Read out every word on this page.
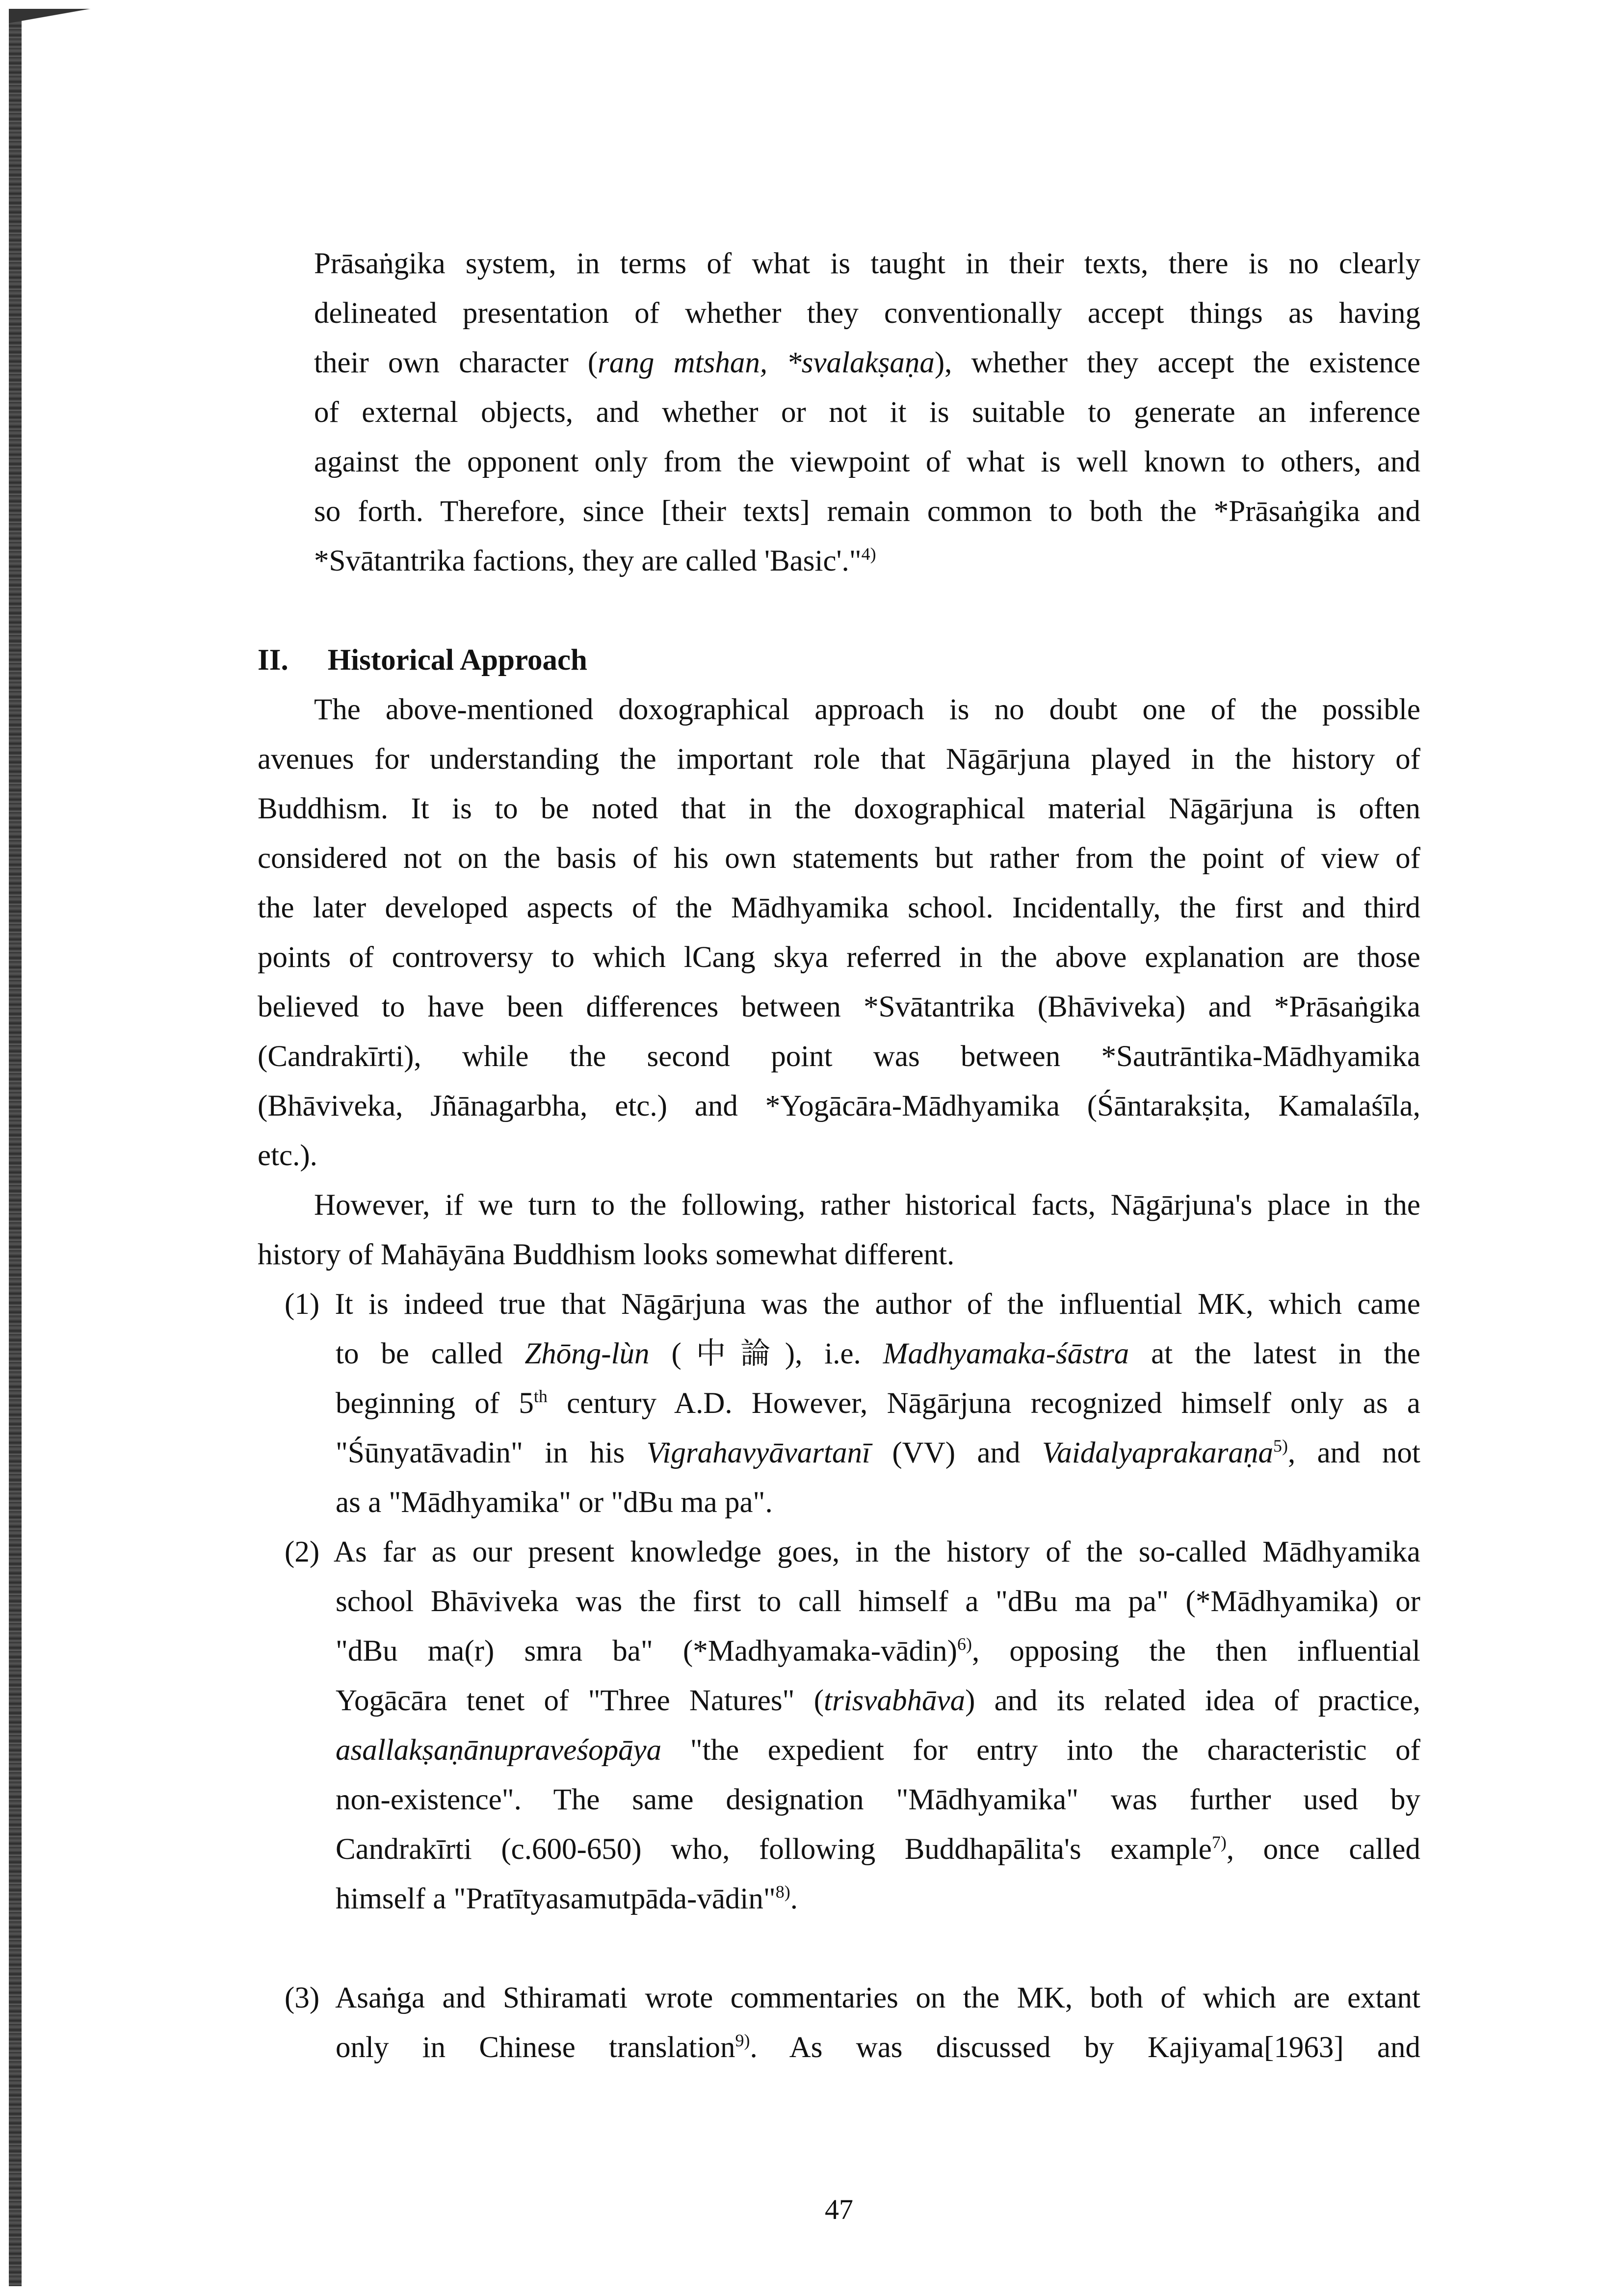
Prāsaṅgika system, in terms of what is taught in their texts, there is no clearly
delineated presentation of whether they conventionally accept things as having
their own character (rang mtshan, *svalakṣaṇa), whether they accept the existence
of external objects, and whether or not it is suitable to generate an inference
against the opponent only from the viewpoint of what is well known to others, and
so forth. Therefore, since [their texts] remain common to both the *Prāsaṅgika and
*Svātantrika factions, they are called 'Basic'."$^{4)}$
II. Historical Approach
The above-mentioned doxographical approach is no doubt one of the possible
avenues for understanding the important role that Nāgārjuna played in the history of
Buddhism. It is to be noted that in the doxographical material Nāgārjuna is often
considered not on the basis of his own statements but rather from the point of view of
the later developed aspects of the Mādhyamika school. Incidentally, the first and third
points of controversy to which lCang skya referred in the above explanation are those
believed to have been differences between *Svātantrika (Bhāviveka) and *Prāsaṅgika
(Candrakīrti), while the second point was between *Sautrāntika-Mādhyamika
(Bhāviveka, Jñānagarbha, etc.) and *Yogācāra-Mādhyamika (Śāntarakṣita, Kamalaśīla,
etc.).
However, if we turn to the following, rather historical facts, Nāgārjuna's place in the
history of Mahāyāna Buddhism looks somewhat different.
(1) It is indeed true that Nāgārjuna was the author of the influential MK, which came
to be called Zhōng-lùn (中論), i.e. Madhyamaka-śāstra at the latest in the
beginning of 5th century A.D. However, Nāgārjuna recognized himself only as a
"Śūnyatāvadin" in his Vigrahavyāvartanī (VV) and Vaidalyaprakaraṇa$^{5)}$, and not
as a "Mādhyamika" or "dBu ma pa".
(2) As far as our present knowledge goes, in the history of the so-called Mādhyamika
school Bhāviveka was the first to call himself a "dBu ma pa" (*Mādhyamika) or
"dBu ma(r) smra ba" (*Madhyamaka-vādin)$^{6)}$, opposing the then influential
Yogācāra tenet of "Three Natures" (trisvabhāva) and its related idea of practice,
asallakṣaṇānupraveśopāya "the expedient for entry into the characteristic of
non-existence". The same designation "Mādhyamika" was further used by
Candrakīrti (c.600-650) who, following Buddhapālita's example$^{7)}$, once called
himself a "Pratītyasamutpāda-vādin"$^{8)}$.
(3) Asaṅga and Sthiramati wrote commentaries on the MK, both of which are extant
only in Chinese translation$^{9)}$. As was discussed by Kajiyama[1963] and
47
